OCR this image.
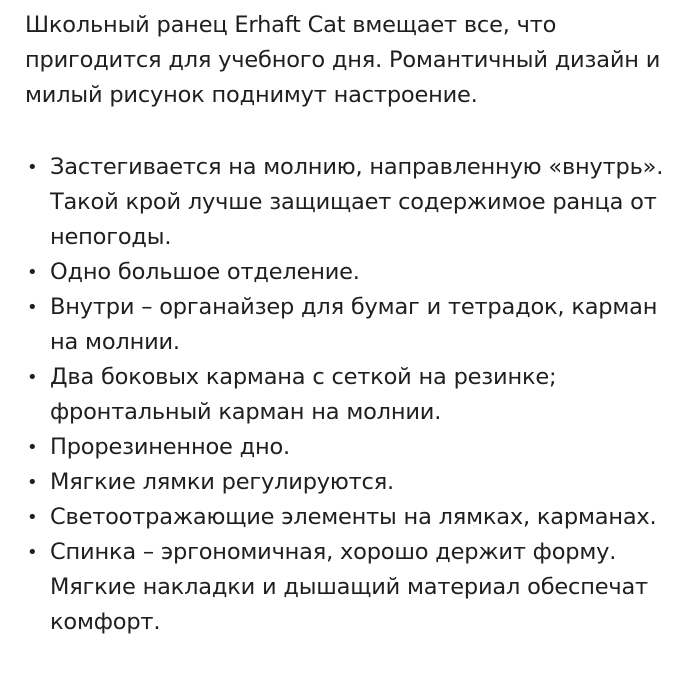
Школьный ранец Erhaft Cat вмещает все, что пригодится для учебного дня. Романтичный дизайн и милый рисунок поднимут настроение.

• Застегивается на молнию, направленную «внутрь». Такой крой лучше защищает содержимое ранца от непогоды.
• Одно большое отделение.
• Внутри – органайзер для бумаг и тетрадок, карман на молнии.
• Два боковых кармана с сеткой на резинке; фронтальный карман на молнии.
• Прорезиненное дно.
• Мягкие лямки регулируются.
• Светоотражающие элементы на лямках, карманах.
• Спинка – эргономичная, хорошо держит форму. Мягкие накладки и дышащий материал обеспечат комфорт.
